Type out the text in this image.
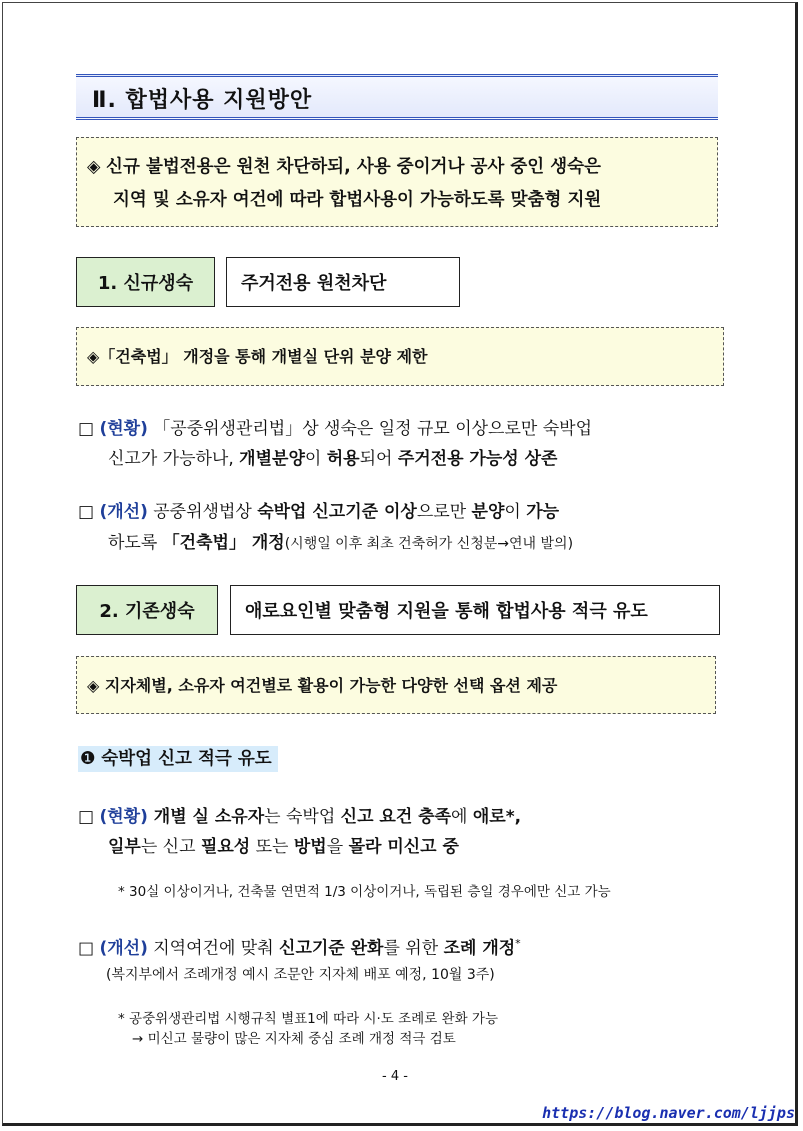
Ⅱ. 합법사용 지원방안
◈ 신규 불법전용은 원천 차단하되, 사용 중이거나 공사 중인 생숙은
지역 및 소유자 여건에 따라 합법사용이 가능하도록 맞춤형 지원
1. 신규생숙	주거전용 원천차단
◈「건축법」 개정을 통해 개별실 단위 분양 제한
□ (현황) 「공중위생관리법」상 생숙은 일정 규모 이상으로만 숙박업
신고가 가능하나, 개별분양이 허용되어 주거전용 가능성 상존
□ (개선) 공중위생법상 숙박업 신고기준 이상으로만 분양이 가능
하도록 「건축법」 개정(시행일 이후 최초 건축허가 신청분→연내 발의)
2. 기존생숙	애로요인별 맞춤형 지원을 통해 합법사용 적극 유도
◈ 지자체별, 소유자 여건별로 활용이 가능한 다양한 선택 옵션 제공
❶ 숙박업 신고 적극 유도
□ (현황) 개별 실 소유자는 숙박업 신고 요건 충족에 애로*,
일부는 신고 필요성 또는 방법을 몰라 미신고 중
* 30실 이상이거나, 건축물 연면적 1/3 이상이거나, 독립된 층일 경우에만 신고 가능
□ (개선) 지역여건에 맞춰 신고기준 완화를 위한 조례 개정*
(복지부에서 조례개정 예시 조문안 지자체 배포 예정, 10월 3주)
* 공중위생관리법 시행규칙 별표1에 따라 시·도 조례로 완화 가능
→ 미신고 물량이 많은 지자체 중심 조례 개정 적극 검토
- 4 -
https://blog.naver.com/ljjps
